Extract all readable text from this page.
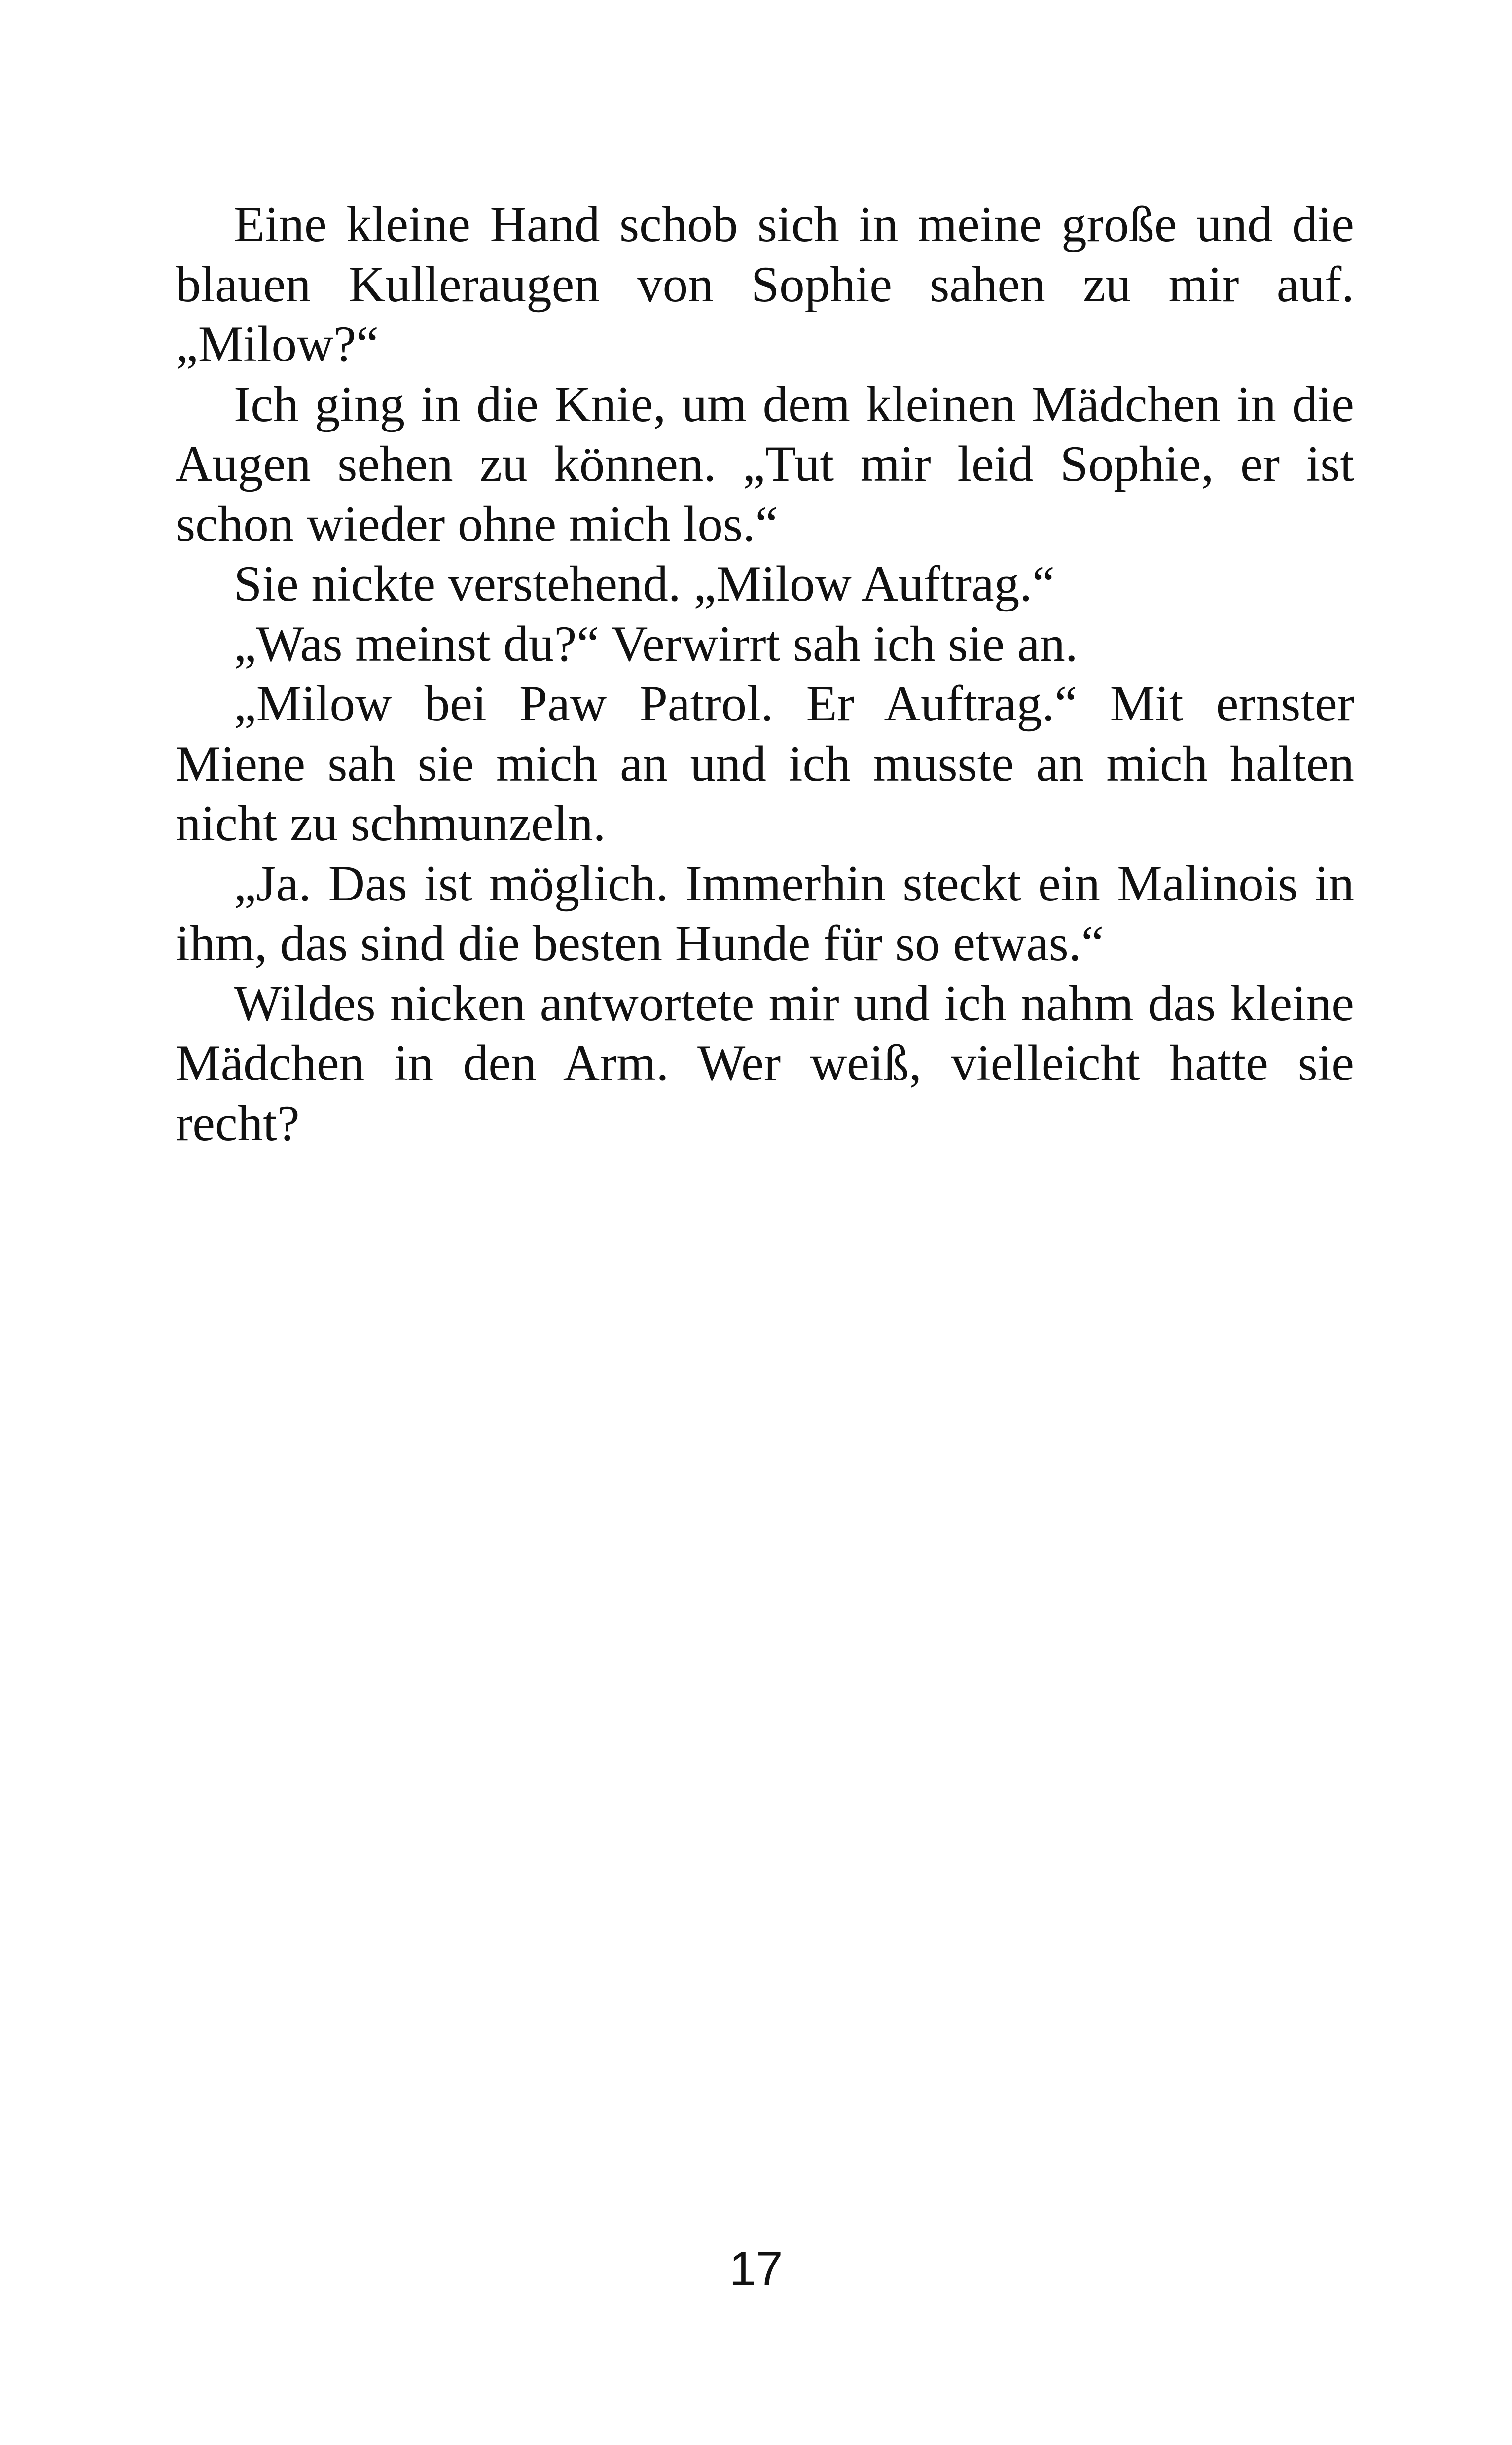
Eine kleine Hand schob sich in meine große und die blauen Kulleraugen von Sophie sahen zu mir auf. „Milow?“

Ich ging in die Knie, um dem kleinen Mädchen in die Augen sehen zu können. „Tut mir leid Sophie, er ist schon wieder ohne mich los.“

Sie nickte verstehend. „Milow Auftrag.“

„Was meinst du?“ Verwirrt sah ich sie an.

„Milow bei Paw Patrol. Er Auftrag.“ Mit ernster Miene sah sie mich an und ich musste an mich halten nicht zu schmunzeln.

„Ja. Das ist möglich. Immerhin steckt ein Malinois in ihm, das sind die besten Hunde für so etwas.“

Wildes nicken antwortete mir und ich nahm das kleine Mädchen in den Arm. Wer weiß, vielleicht hatte sie recht?

17
